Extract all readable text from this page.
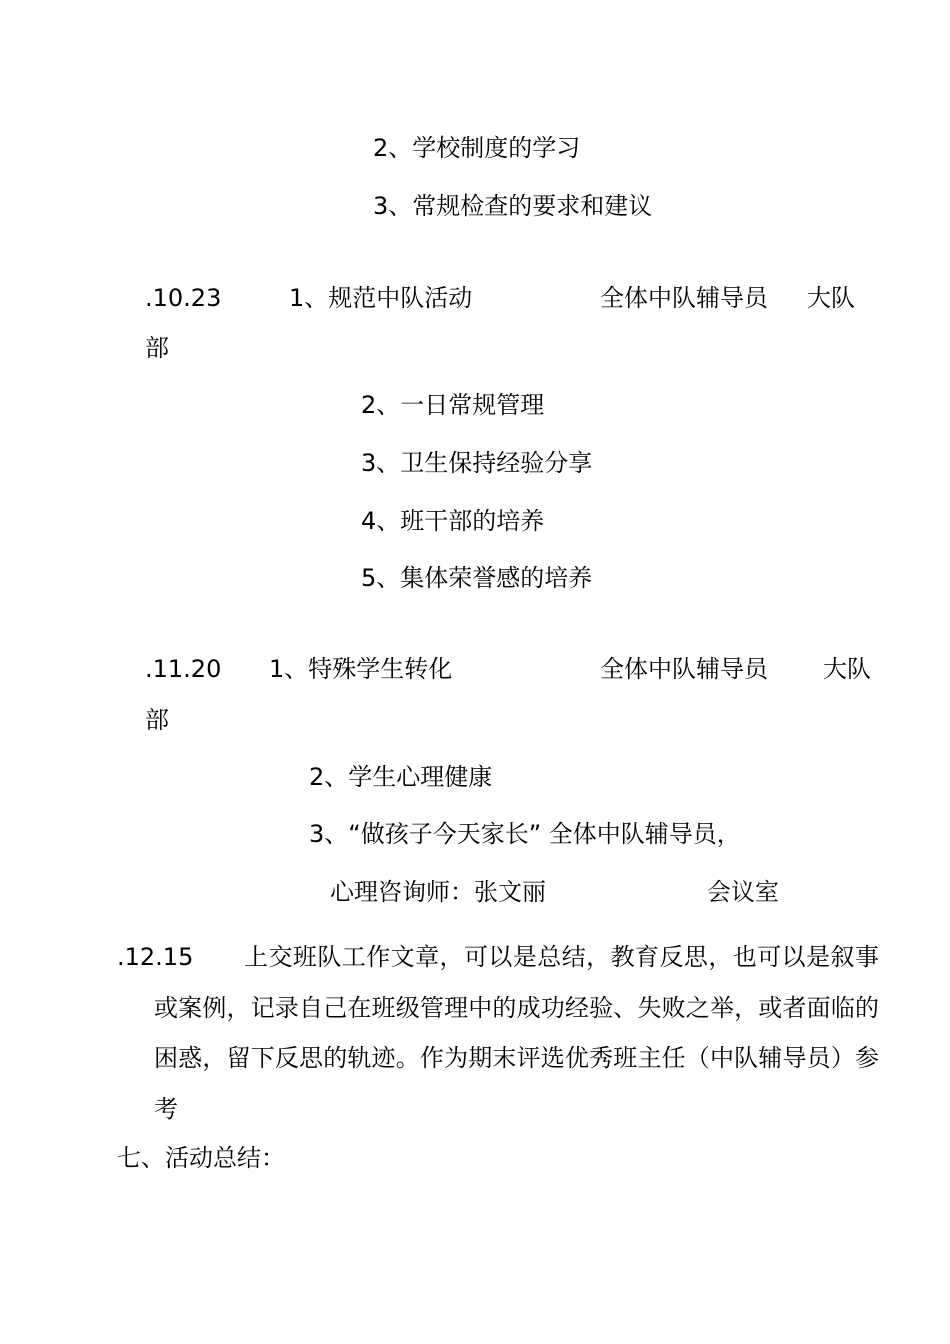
2、学校制度的学习
3、常规检查的要求和建议
.10.23	1、规范中队活动	全体中队辅导员 大队
部
2、一日常规管理
3、卫生保持经验分享
4、班干部的培养
5、集体荣誉感的培养
.11.20 1、特殊学生转化	全体中队辅导员 大队
部
2、学生心理健康
3、“做孩子今天家长” 全体中队辅导员，
心理咨询师：张文丽	会议室
.12.15	上交班队工作文章，可以是总结，教育反思，也可以是叙事或案例，记录自己在班级管理中的成功经验、失败之举，或者面临的困惑，留下反思的轨迹。作为期末评选优秀班主任（中队辅导员）参考
七、活动总结：
